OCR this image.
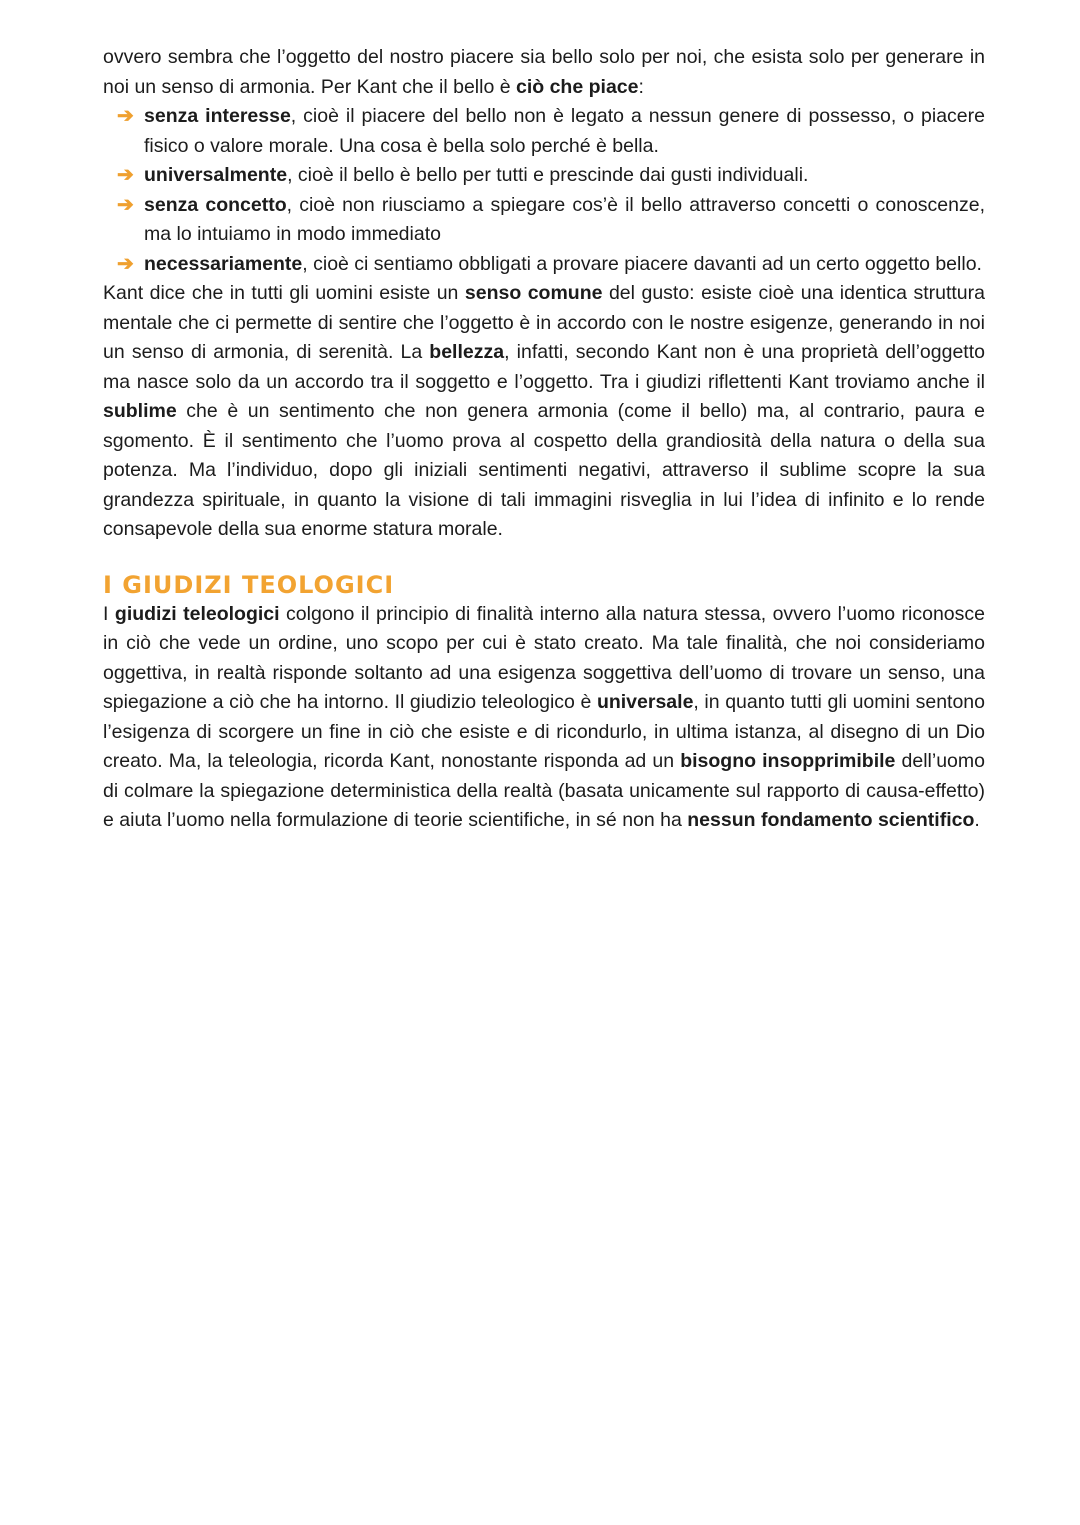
ovvero sembra che l’oggetto del nostro piacere sia bello solo per noi, che esista solo per generare in noi un senso di armonia. Per Kant che il bello è ciò che piace:

➔ senza interesse, cioè il piacere del bello non è legato a nessun genere di possesso, o piacere fisico o valore morale. Una cosa è bella solo perché è bella.
➔ universalmente, cioè il bello è bello per tutti e prescinde dai gusti individuali.
➔ senza concetto, cioè non riusciamo a spiegare cos’è il bello attraverso concetti o conoscenze, ma lo intuiamo in modo immediato
➔ necessariamente, cioè ci sentiamo obbligati a provare piacere davanti ad un certo oggetto bello.

Kant dice che in tutti gli uomini esiste un senso comune del gusto: esiste cioè una identica struttura mentale che ci permette di sentire che l’oggetto è in accordo con le nostre esigenze, generando in noi un senso di armonia, di serenità. La bellezza, infatti, secondo Kant non è una proprietà dell’oggetto ma nasce solo da un accordo tra il soggetto e l’oggetto. Tra i giudizi riflettenti Kant troviamo anche il sublime che è un sentimento che non genera armonia (come il bello) ma, al contrario, paura e sgomento. È il sentimento che l’uomo prova al cospetto della grandiosità della natura o della sua potenza. Ma l’individuo, dopo gli iniziali sentimenti negativi, attraverso il sublime scopre la sua grandezza spirituale, in quanto la visione di tali immagini risveglia in lui l’idea di infinito e lo rende consapevole della sua enorme statura morale.

I GIUDIZI TEOLOGICI

I giudizi teleologici colgono il principio di finalità interno alla natura stessa, ovvero l’uomo riconosce in ciò che vede un ordine, uno scopo per cui è stato creato. Ma tale finalità, che noi consideriamo oggettiva, in realtà risponde soltanto ad una esigenza soggettiva dell’uomo di trovare un senso, una spiegazione a ciò che ha intorno. Il giudizio teleologico è universale, in quanto tutti gli uomini sentono l’esigenza di scorgere un fine in ciò che esiste e di ricondurlo, in ultima istanza, al disegno di un Dio creato. Ma, la teleologia, ricorda Kant, nonostante risponda ad un bisogno insopprimibile dell’uomo di colmare la spiegazione deterministica della realtà (basata unicamente sul rapporto di causa-effetto) e aiuta l’uomo nella formulazione di teorie scientifiche, in sé non ha nessun fondamento scientifico.
